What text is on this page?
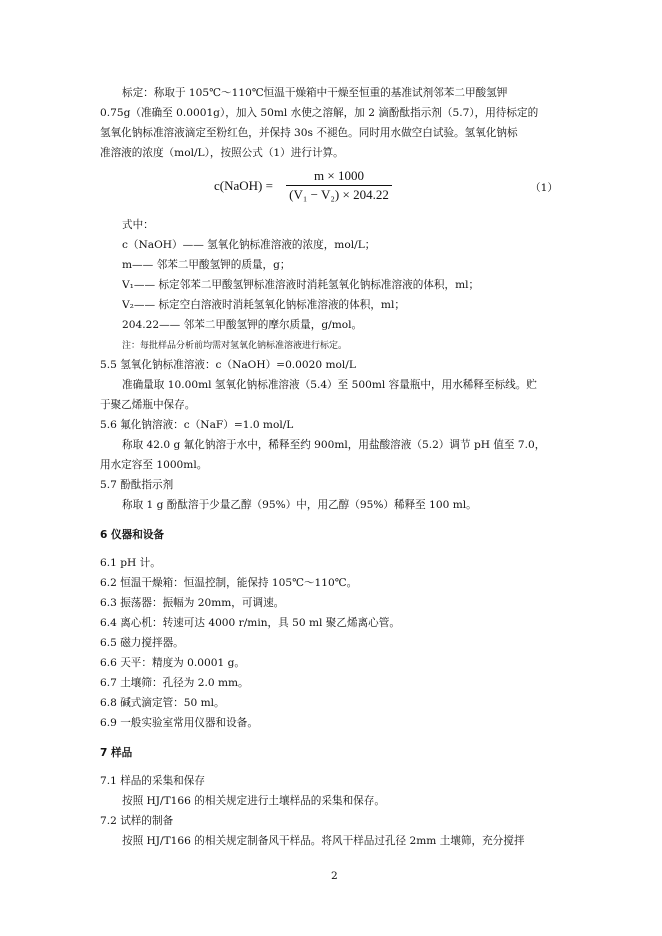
标定：称取于 105℃～110℃恒温干燥箱中干燥至恒重的基准试剂邻苯二甲酸氢钾
0.75g（准确至 0.0001g），加入 50ml 水使之溶解，加 2 滴酚酞指示剂（5.7），用待标定的
氢氧化钠标准溶液滴定至粉红色，并保持 30s 不褪色。同时用水做空白试验。氢氧化钠标
准溶液的浓度（mol/L），按照公式（1）进行计算。
c(NaOH) =
m × 1000
(V₁ − V₂) × 204.22	（1）
式中：
c（NaOH）—— 氢氧化钠标准溶液的浓度，mol/L；
m—— 邻苯二甲酸氢钾的质量，g；
V₁—— 标定邻苯二甲酸氢钾标准溶液时消耗氢氧化钠标准溶液的体积，ml；
V₂—— 标定空白溶液时消耗氢氧化钠标准溶液的体积，ml；
204.22—— 邻苯二甲酸氢钾的摩尔质量，g/mol。
注：每批样品分析前均需对氢氧化钠标准溶液进行标定。
5.5 氢氧化钠标准溶液：c（NaOH）=0.0020 mol/L
准确量取 10.00ml 氢氧化钠标准溶液（5.4）至 500ml 容量瓶中，用水稀释至标线。贮
于聚乙烯瓶中保存。
5.6 氟化钠溶液：c（NaF）=1.0 mol/L
称取 42.0 g 氟化钠溶于水中，稀释至约 900ml，用盐酸溶液（5.2）调节 pH 值至 7.0，
用水定容至 1000ml。
5.7 酚酞指示剂
称取 1 g 酚酞溶于少量乙醇（95%）中，用乙醇（95%）稀释至 100 ml。
6 仪器和设备
6.1 pH 计。
6.2 恒温干燥箱：恒温控制，能保持 105℃～110℃。
6.3 振荡器：振幅为 20mm，可调速。
6.4 离心机：转速可达 4000 r/min，具 50 ml 聚乙烯离心管。
6.5 磁力搅拌器。
6.6 天平：精度为 0.0001 g。
6.7 土壤筛：孔径为 2.0 mm。
6.8 碱式滴定管：50 ml。
6.9 一般实验室常用仪器和设备。
7 样品
7.1 样品的采集和保存
按照 HJ/T166 的相关规定进行土壤样品的采集和保存。
7.2 试样的制备
按照 HJ/T166 的相关规定制备风干样品。将风干样品过孔径 2mm 土壤筛，充分搅拌
2
